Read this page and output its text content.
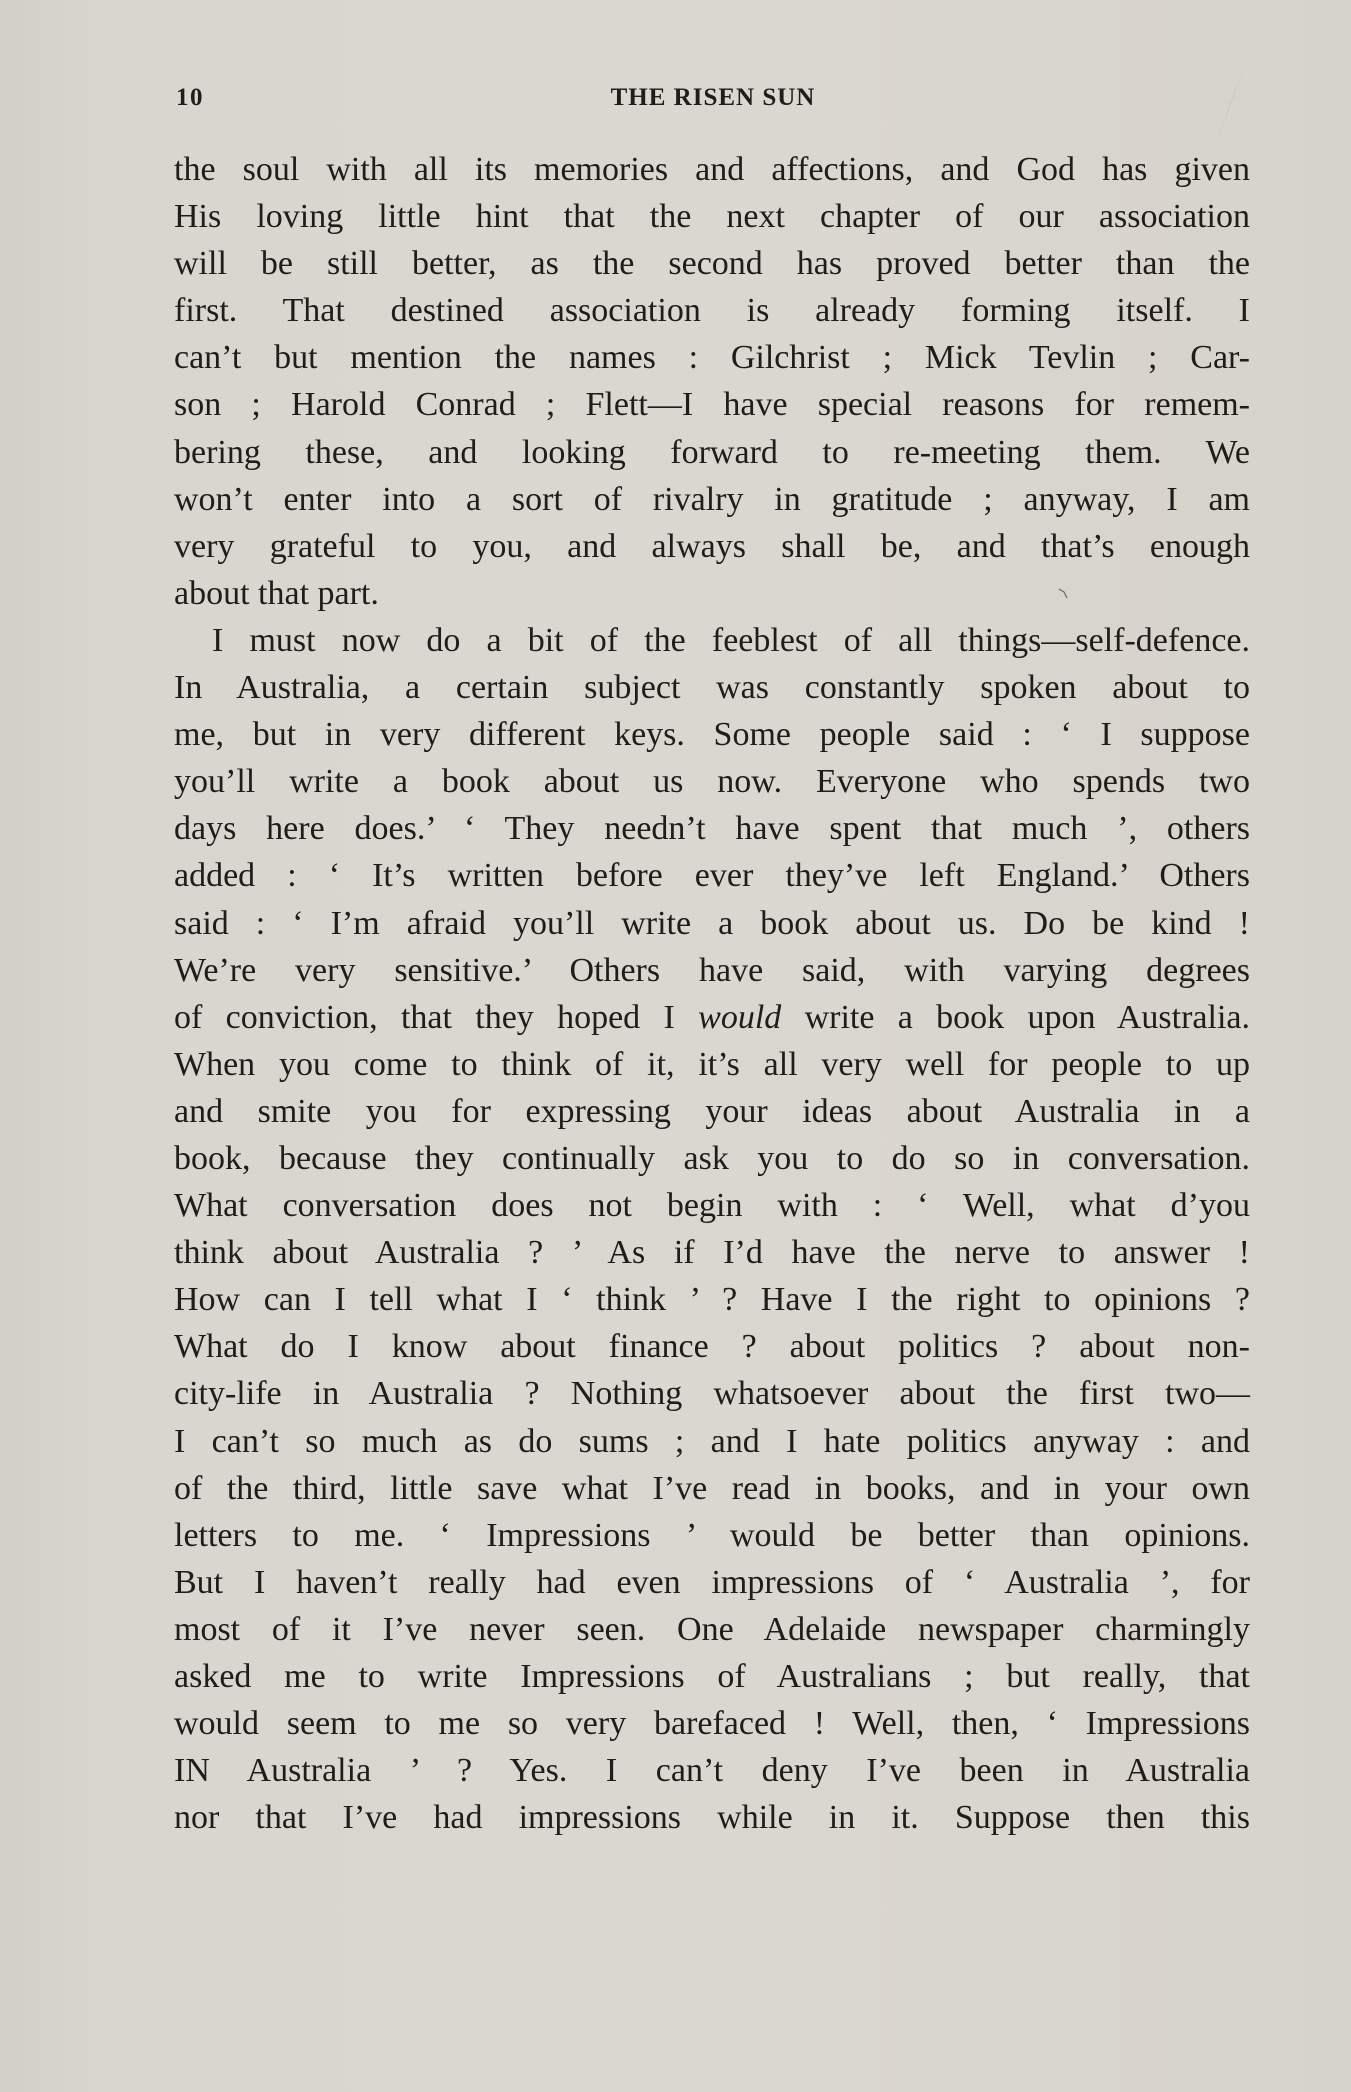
10	THE RISEN SUN
the soul with all its memories and affections, and God has given
His loving little hint that the next chapter of our association
will be still better, as the second has proved better than the
first. That destined association is already forming itself. I
can’t but mention the names : Gilchrist ; Mick Tevlin ; Car-
son ; Harold Conrad ; Flett—I have special reasons for remem-
bering these, and looking forward to re-meeting them. We
won’t enter into a sort of rivalry in gratitude ; anyway, I am
very grateful to you, and always shall be, and that’s enough
about that part.
I must now do a bit of the feeblest of all things—self-defence.
In Australia, a certain subject was constantly spoken about to
me, but in very different keys. Some people said : ‘ I suppose
you’ll write a book about us now. Everyone who spends two
days here does.’ ‘ They needn’t have spent that much ’, others
added : ‘ It’s written before ever they’ve left England.’ Others
said : ‘ I’m afraid you’ll write a book about us. Do be kind !
We’re very sensitive.’ Others have said, with varying degrees
of conviction, that they hoped I would write a book upon Australia.
When you come to think of it, it’s all very well for people to up
and smite you for expressing your ideas about Australia in a
book, because they continually ask you to do so in conversation.
What conversation does not begin with : ‘ Well, what d’you
think about Australia ? ’ As if I’d have the nerve to answer !
How can I tell what I ‘ think ’ ? Have I the right to opinions ?
What do I know about finance ? about politics ? about non-
city-life in Australia ? Nothing whatsoever about the first two—
I can’t so much as do sums ; and I hate politics anyway : and
of the third, little save what I’ve read in books, and in your own
letters to me. ‘ Impressions ’ would be better than opinions.
But I haven’t really had even impressions of ‘ Australia ’, for
most of it I’ve never seen. One Adelaide newspaper charmingly
asked me to write Impressions of Australians ; but really, that
would seem to me so very barefaced ! Well, then, ‘ Impressions
IN Australia ’ ? Yes. I can’t deny I’ve been in Australia
nor that I’ve had impressions while in it. Suppose then this
